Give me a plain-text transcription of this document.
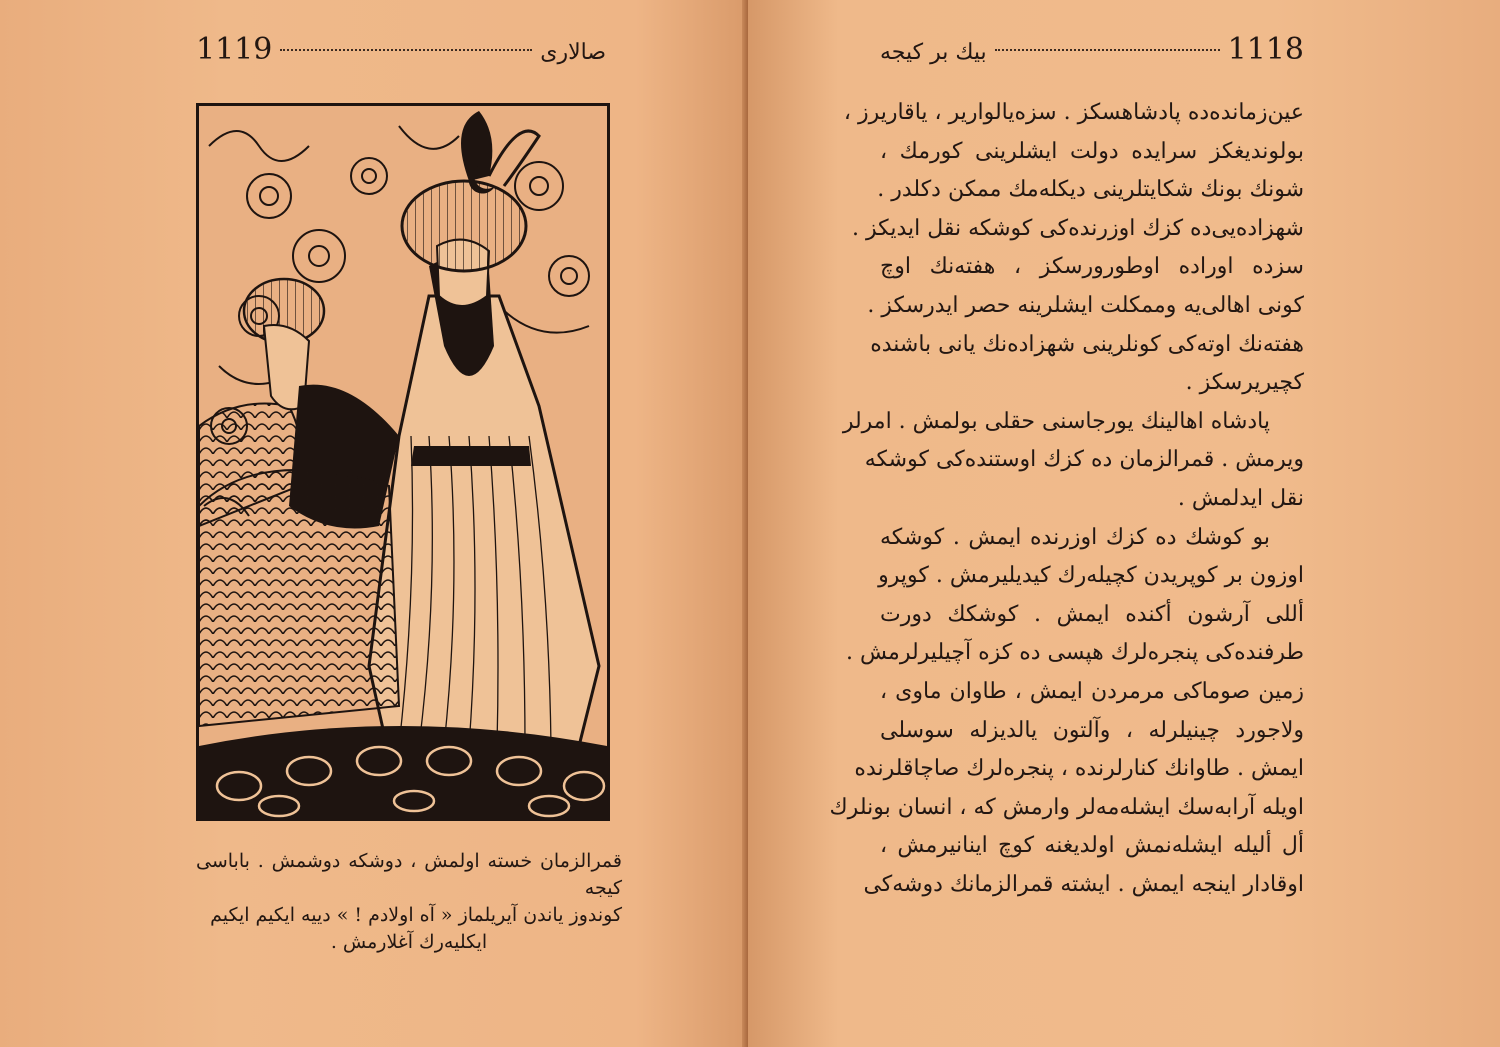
1119	صالاری
قمرالزمان خسته اولمش ، دوشکه دوشمش . باباسی کیجه
کوندوز یاندن آیریلماز « آه اولادم ! » دییه ایکیم ایکیم
ایکلیه‌رك آغلارمش .
بیك بر کیجه	1118
عین‌زمانده‌ده پادشاهسکز . سزه‌یالواریر ، یاقاریرز ،
بولوندیغکز سرایده دولت ایشلرینی کورمك ،
شونك بونك شکایتلرینی دیکله‌مك ممکن دکلدر .
شهزاده‌یی‌ده کزك اوزرنده‌کی کوشکه نقل ایدیکز .
سزده اوراده اوطورورسکز ، هفته‌نك اوچ
کونی اهالی‌یه وممکلت ایشلرینه حصر ایدرسکز .
هفته‌نك اوته‌کی کونلرینی شهزاده‌نك یانی باشنده
کچیریرسکز .
پادشاه اهالینك یورجاسنی حقلی بولمش . امرلر
ویرمش . قمرالزمان ده کزك اوستنده‌کی کوشکه
نقل ایدلمش .
بو کوشك ده کزك اوزرنده ایمش . کوشکه
اوزون بر کوپریدن کچیله‌رك کیدیلیرمش . کوپرو
أللی آرشون أکنده ایمش . کوشکك دورت
طرفنده‌کی پنجره‌لرك هپسی ده کزه آچیلیرلرمش .
زمین صوماکی مرمردن ایمش ، طاوان ماوی ،
ولاجورد چینیلرله ، وآلتون یالدیزله سوسلی
ایمش . طاوانك کنارلرنده ، پنجره‌لرك صاچاقلرنده
اویله آرابه‌سك ایشله‌مه‌لر وارمش که ، انسان بونلرك
أل أليله ایشله‌نمش اولدیغنه کوچ اینانیرمش ،
اوقادار اینجه ایمش . ایشته قمرالزمانك دوشه‌کی
